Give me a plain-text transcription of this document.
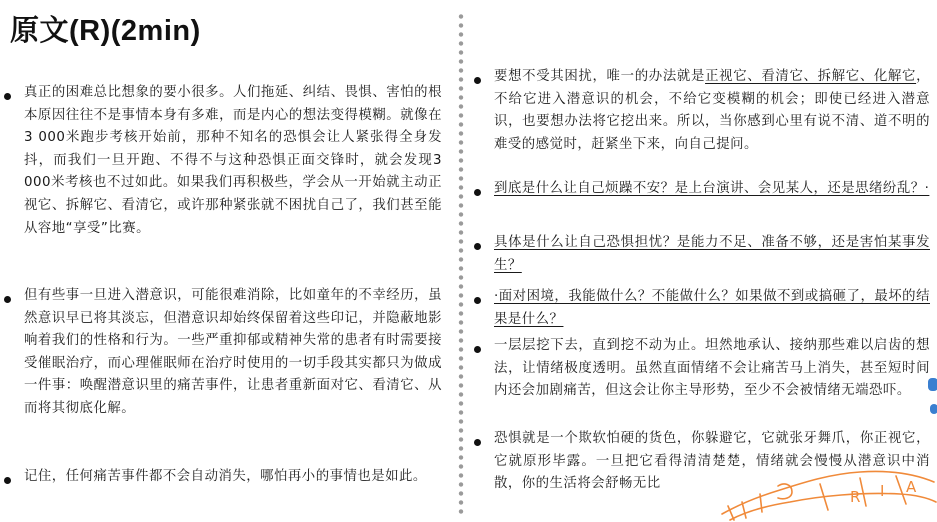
原文(R)(2min)
真正的困难总比想象的要小很多。人们拖延、纠结、畏惧、害怕的根本原因往往不是事情本身有多难，而是内心的想法变得模糊。就像在3 000米跑步考核开始前，那种不知名的恐惧会让人紧张得全身发抖，而我们一旦开跑、不得不与这种恐惧正面交锋时，就会发现3 000米考核也不过如此。如果我们再积极些，学会从一开始就主动正视它、拆解它、看清它，或许那种紧张就不困扰自己了，我们甚至能从容地“享受”比赛。
但有些事一旦进入潜意识，可能很难消除，比如童年的不幸经历，虽然意识早已将其淡忘，但潜意识却始终保留着这些印记，并隐蔽地影响着我们的性格和行为。一些严重抑郁或精神失常的患者有时需要接受催眠治疗，而心理催眠师在治疗时使用的一切手段其实都只为做成一件事：唤醒潜意识里的痛苦事件，让患者重新面对它、看清它、从而将其彻底化解。
记住，任何痛苦事件都不会自动消失，哪怕再小的事情也是如此。
要想不受其困扰，唯一的办法就是正视它、看清它、拆解它、化解它，不给它进入潜意识的机会，不给它变模糊的机会；即使已经进入潜意识，也要想办法将它挖出来。所以，当你感到心里有说不清、道不明的难受的感觉时，赶紧坐下来，向自己提问。
到底是什么让自己烦躁不安？是上台演讲、会见某人，还是思绪纷乱？·
具体是什么让自己恐惧担忧？是能力不足、准备不够，还是害怕某事发生？
·面对困境，我能做什么？不能做什么？如果做不到或搞砸了，最坏的结果是什么？
一层层挖下去，直到挖不动为止。坦然地承认、接纳那些难以启齿的想法，让情绪极度透明。虽然直面情绪不会让痛苦马上消失，甚至短时间内还会加剧痛苦，但这会让你主导形势，至少不会被情绪无端恐吓。
恐惧就是一个欺软怕硬的货色，你躲避它，它就张牙舞爪，你正视它，它就原形毕露。一旦把它看得清清楚楚，情绪就会慢慢从潜意识中消散，你的生活将会舒畅无比
R I A
